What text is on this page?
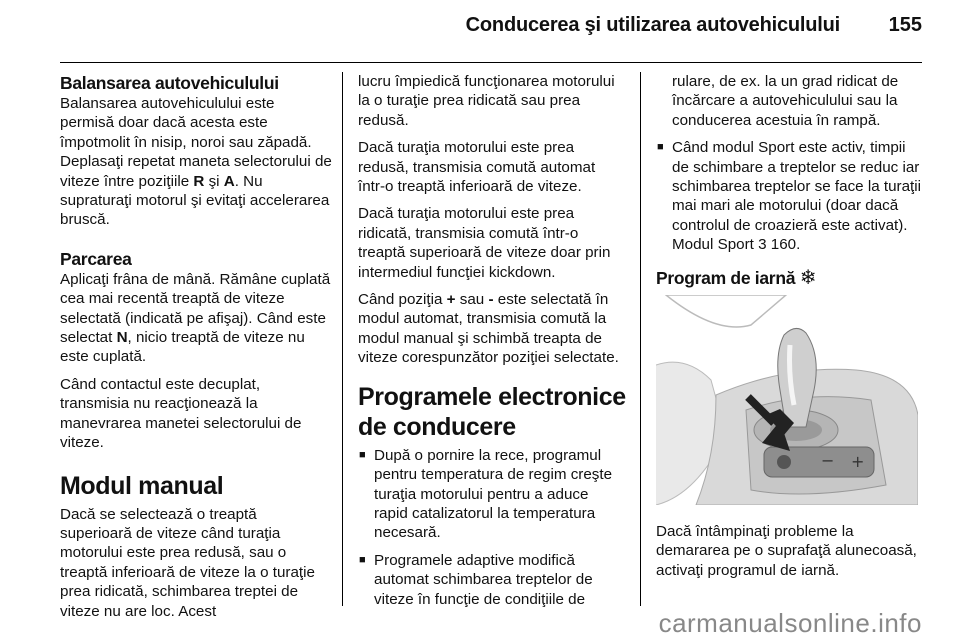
Conducerea şi utilizarea autovehiculului 155
Balansarea autovehiculului

Balansarea autovehiculului este permisă doar dacă acesta este împotmolit în nisip, noroi sau zăpadă. Deplasaţi repetat maneta selectorului de viteze între poziţiile R şi A. Nu supraturaţi motorul şi evitaţi accelerarea bruscă.

Parcarea

Aplicaţi frâna de mână. Rămâne cuplată cea mai recentă treaptă de viteze selectată (indicată pe afişaj). Când este selectat N, nicio treaptă de viteze nu este cuplată.

Când contactul este decuplat, transmisia nu reacţionează la manevrarea manetei selectorului de viteze.

Modul manual

Dacă se selectează o treaptă superioară de viteze când turaţia motorului este prea redusă, sau o treaptă inferioară de viteze la o turaţie prea ridicată, schimbarea treptei de viteze nu are loc. Acest

lucru împiedică funcţionarea motorului la o turaţie prea ridicată sau prea redusă.

Dacă turaţia motorului este prea redusă, transmisia comută automat într-o treaptă inferioară de viteze.

Dacă turaţia motorului este prea ridicată, transmisia comută într-o treaptă superioară de viteze doar prin intermediul funcţiei kickdown.

Când poziţia + sau - este selectată în modul automat, transmisia comută la modul manual şi schimbă treapta de viteze corespunzător poziţiei selectate.

Programele electronice de conducere
■ După o pornire la rece, programul pentru temperatura de regim creşte turaţia motorului pentru a aduce rapid catalizatorul la temperatura necesară.
■ Programele adaptive modifică automat schimbarea treptelor de viteze în funcţie de condiţiile de
rulare, de ex. la un grad ridicat de încărcare a autovehiculului sau la conducerea acestuia în rampă.
■ Când modul Sport este activ, timpii de schimbare a treptelor se reduc iar schimbarea treptelor se face la turaţii mai mari ale motorului (doar dacă controlul de croazieră este activat). Modul Sport 3 160.
Program de iarnă ❄
+
−

Dacă întâmpinaţi probleme la demararea pe o suprafaţă alunecoasă, activaţi programul de iarnă.

carmanualsonline.info
